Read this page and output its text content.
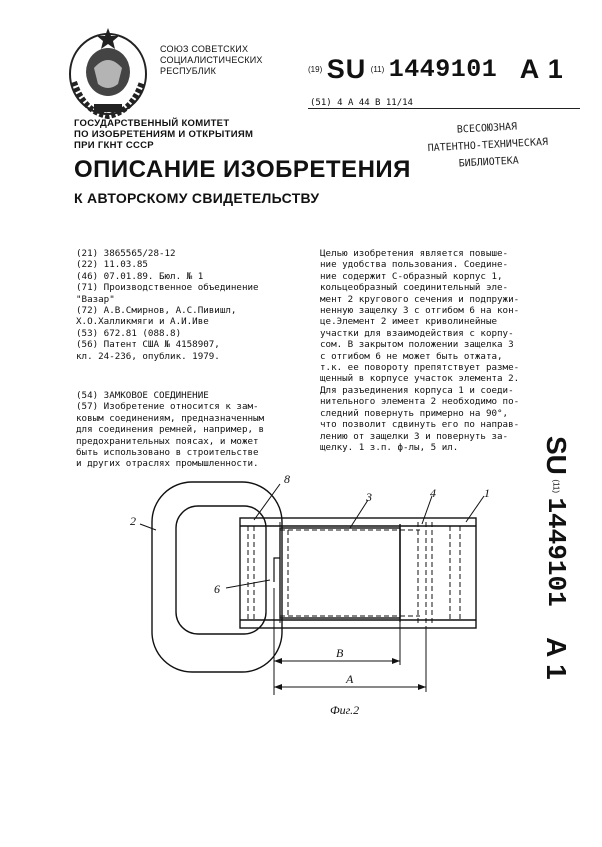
СОЮЗ СОВЕТСКИХ
СОЦИАЛИСТИЧЕСКИХ
РЕСПУБЛИК	(19) SU (11) 1449101 A 1
(51) 4 A 44 B 11/14
ГОСУДАРСТВЕННЫЙ КОМИТЕТ
ПО ИЗОБРЕТЕНИЯМ И ОТКРЫТИЯМ
ПРИ ГКНТ СССР
ВСЕСОЮЗНАЯ
ПАТЕНТНО-ТЕХНИЧЕСКАЯ
БИБЛИОТЕКА
ОПИСАНИЕ ИЗОБРЕТЕНИЯ
К АВТОРСКОМУ СВИДЕТЕЛЬСТВУ
(21) 3865565/28-12
(22) 11.03.85
(46) 07.01.89. Бюл. № 1
(71) Производственное объединение
"Вазар"
(72) А.В.Смирнов, А.С.Пивишл,
Х.О.Халликмяги и А.И.Иве
(53) 672.81 (088.8)
(56) Патент США № 4158907,
кл. 24-236, опублик. 1979.
(54) ЗАМКОВОЕ СОЕДИНЕНИЕ
(57) Изобретение относится к зам-
ковым соединениям, предназначенным
для соединения ремней, например, в
предохранительных поясах, и может
быть использовано в строительстве
и других отраслях промышленности.
Целью изобретения является повыше-
ние удобства пользования. Соедине-
ние содержит С-образный корпус 1,
кольцеобразный соединительный эле-
мент 2 кругового сечения и подпружи-
ненную защелку 3 с отгибом 6 на кон-
це.Элемент 2 имеет криволинейные
участки для взаимодействия с корпу-
сом. В закрытом положении защелка 3
с отгибом 6 не может быть отжата,
т.к. ее повороту препятствует разме-
щенный в корпусе участок элемента 2.
Для разъединения корпуса 1 и соеди-
нительного элемента 2 необходимо по-
следний повернуть примерно на 90°,
что позволит сдвинуть его по направ-
лению от защелки 3 и повернуть за-
щелку. 1 з.п. ф-лы, 5 ил.	SU (11) 1449101 A 1
8
2
3	4	1
6
B
A
Фиг.2
